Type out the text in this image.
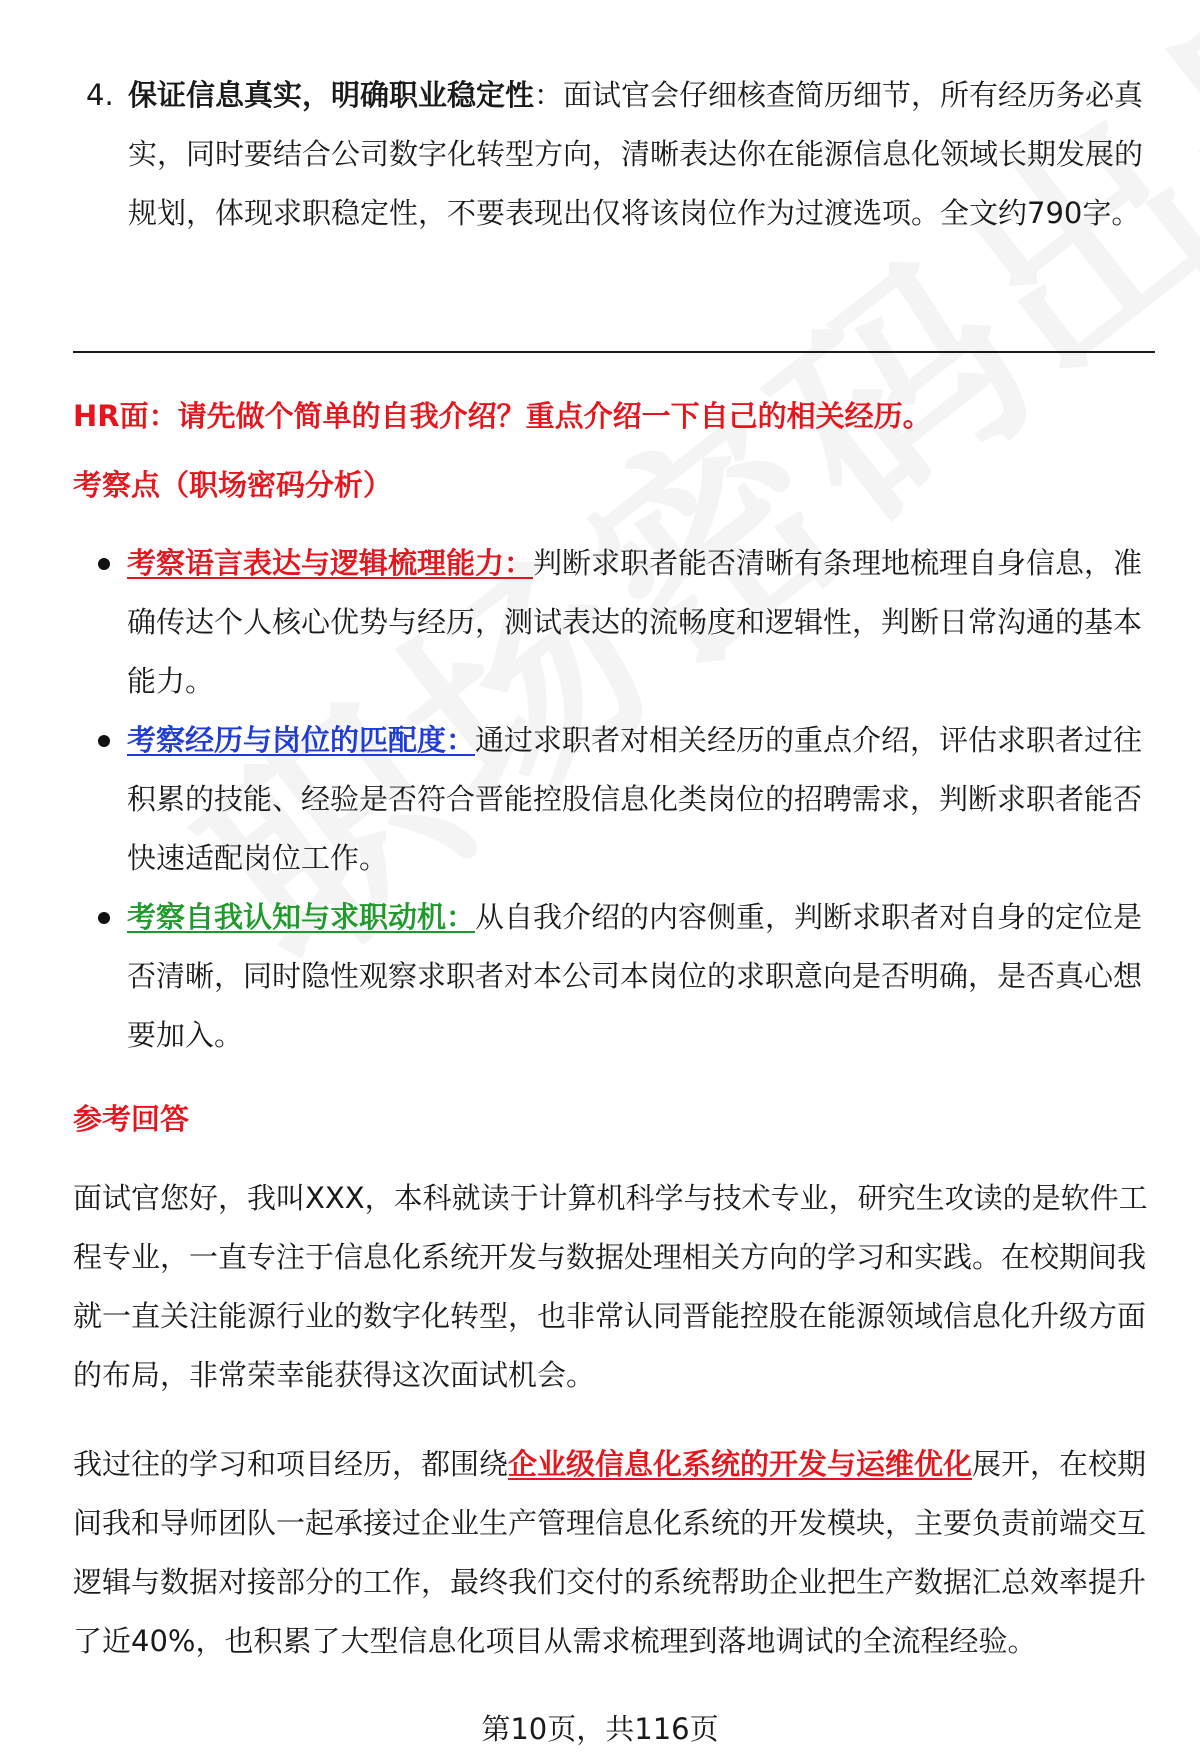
4. 保证信息真实，明确职业稳定性：面试官会仔细核查简历细节，所有经历务必真实，同时要结合公司数字化转型方向，清晰表达你在能源信息化领域长期发展的规划，体现求职稳定性，不要表现出仅将该岗位作为过渡选项。全文约790字。
HR面：请先做个简单的自我介绍？重点介绍一下自己的相关经历。
考察点（职场密码分析）
考察语言表达与逻辑梳理能力：判断求职者能否清晰有条理地梳理自身信息，准确传达个人核心优势与经历，测试表达的流畅度和逻辑性，判断日常沟通的基本能力。
考察经历与岗位的匹配度：通过求职者对相关经历的重点介绍，评估求职者过往积累的技能、经验是否符合晋能控股信息化类岗位的招聘需求，判断求职者能否快速适配岗位工作。
考察自我认知与求职动机：从自我介绍的内容侧重，判断求职者对自身的定位是否清晰，同时隐性观察求职者对本公司本岗位的求职意向是否明确，是否真心想要加入。
参考回答

面试官您好，我叫XXX，本科就读于计算机科学与技术专业，研究生攻读的是软件工程专业，一直专注于信息化系统开发与数据处理相关方向的学习和实践。在校期间我就一直关注能源行业的数字化转型，也非常认同晋能控股在能源领域信息化升级方面的布局，非常荣幸能获得这次面试机会。

我过往的学习和项目经历，都围绕企业级信息化系统的开发与运维优化展开，在校期间我和导师团队一起承接过企业生产管理信息化系统的开发模块，主要负责前端交互逻辑与数据对接部分的工作，最终我们交付的系统帮助企业把生产数据汇总效率提升了近40%，也积累了大型信息化项目从需求梳理到落地调试的全流程经验。

第10页，共116页
